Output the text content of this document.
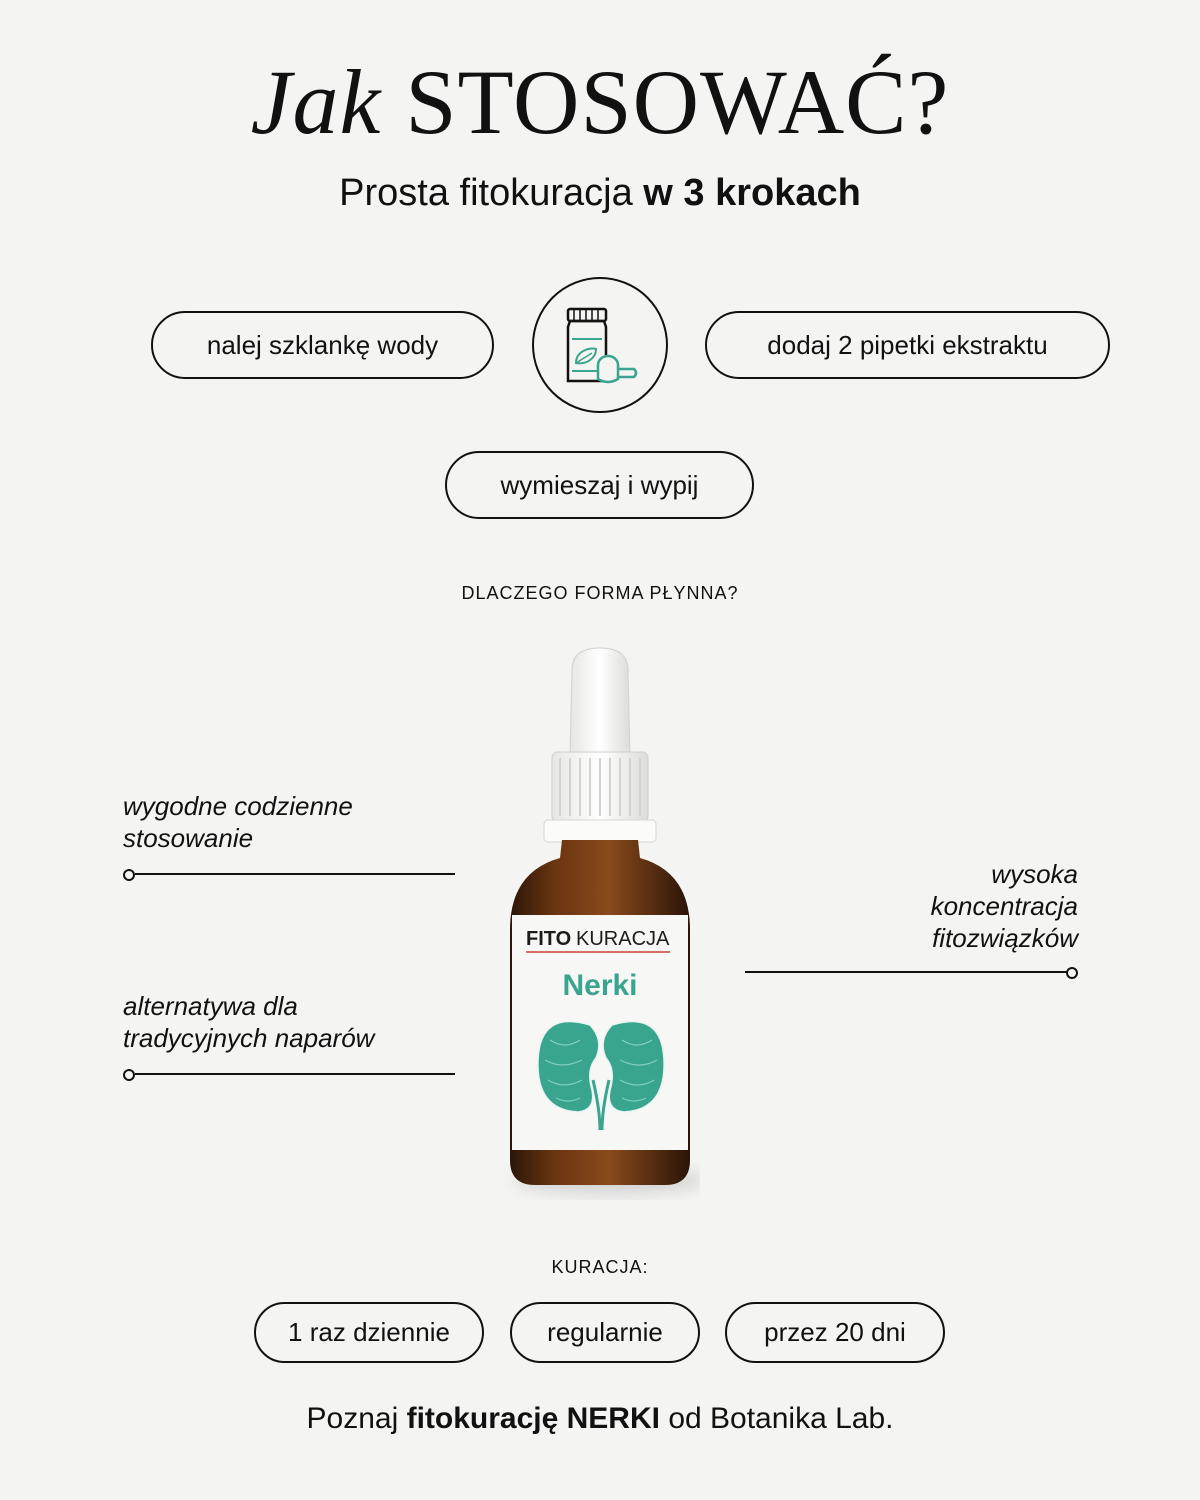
Jak STOSOWAĆ?
Prosta fitokuracja w 3 krokach
nalej szklankę wody	dodaj 2 pipetki ekstraktu
wymieszaj i wypij
DLACZEGO FORMA PŁYNNA?
wygodne codzienne stosowanie
alternatywa dla tradycyjnych naparów
wysoka koncentracja fitozwiązków
FITO KURACJA
Nerki
KURACJA:
1 raz dziennie	regularnie	przez 20 dni
Poznaj fitokurację NERKI od Botanika Lab.
